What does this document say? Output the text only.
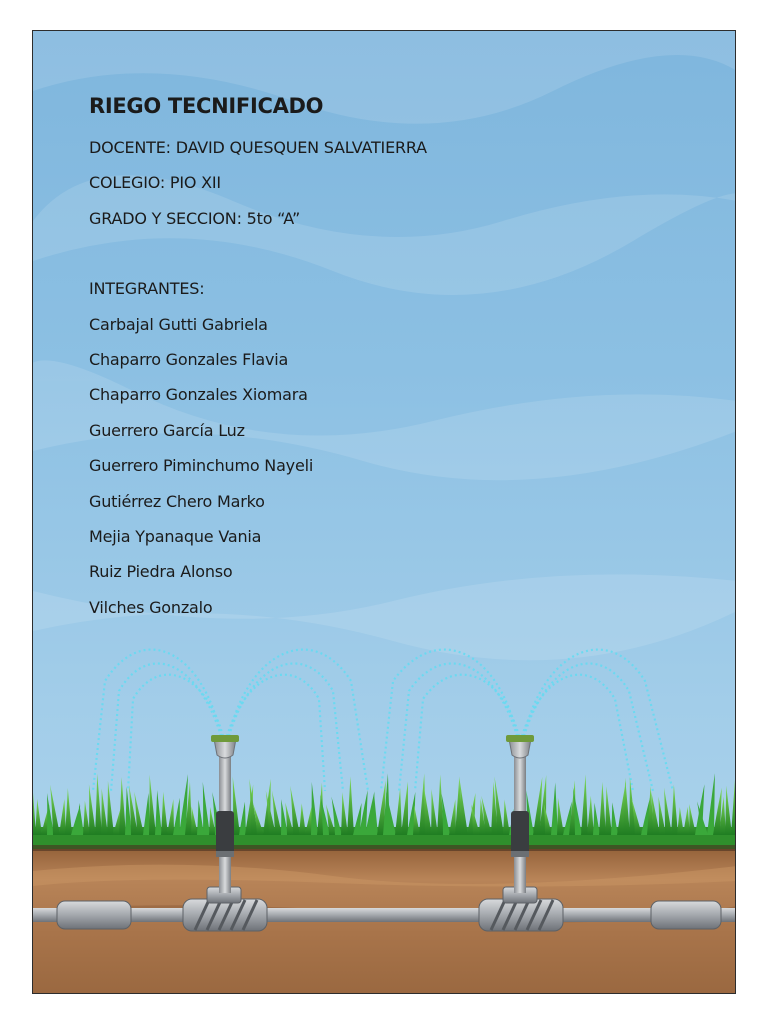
RIEGO TECNIFICADO
DOCENTE: DAVID QUESQUEN SALVATIERRA
COLEGIO: PIO XII
GRADO Y SECCION: 5to “A”
INTEGRANTES:
Carbajal Gutti Gabriela
Chaparro Gonzales Flavia
Chaparro Gonzales Xiomara
Guerrero García Luz
Guerrero Piminchumo Nayeli
Gutiérrez Chero Marko
Mejia Ypanaque Vania
Ruiz Piedra Alonso
Vilches Gonzalo
